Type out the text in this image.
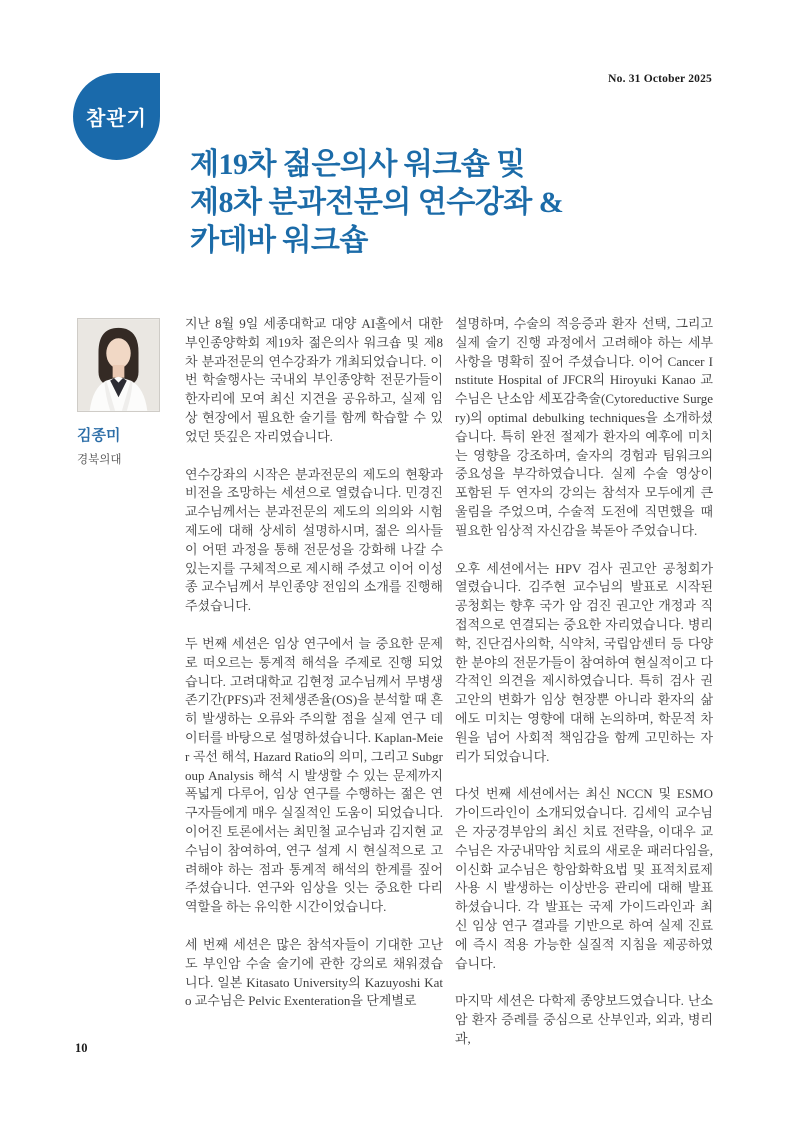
No. 31 October 2025
참관기
제19차 젊은의사 워크숍 및
제8차 분과전문의 연수강좌 &
카데바 워크숍
김종미
경북의대

지난 8월 9일 세종대학교 대양 AI홀에서 대한 부인종양학회 제19차 젊은의사 워크숍 및 제8차 분과전문의 연수강좌가 개최되었습니다. 이번 학술행사는 국내외 부인종양학 전문가들이 한자리에 모여 최신 지견을 공유하고, 실제 임상 현장에서 필요한 술기를 함께 학습할 수 있었던 뜻깊은 자리였습니다.

연수강좌의 시작은 분과전문의 제도의 현황과 비전을 조망하는 세션으로 열렸습니다. 민경진 교수님께서는 분과전문의 제도의 의의와 시험 제도에 대해 상세히 설명하시며, 젊은 의사들이 어떤 과정을 통해 전문성을 강화해 나갈 수 있는지를 구체적으로 제시해 주셨고 이어 이성종 교수님께서 부인종양 전임의 소개를 진행해 주셨습니다.

두 번째 세션은 임상 연구에서 늘 중요한 문제로 떠오르는 통계적 해석을 주제로 진행 되었 습니다. 고려대학교 김현정 교수님께서 무병생존기간(PFS)과 전체생존율(OS)을 분석할 때 흔히 발생하는 오류와 주의할 점을 실제 연구 데이터를 바탕으로 설명하셨습니다. Kaplan-Meier 곡선 해석, Hazard Ratio의 의미, 그리고 Subgroup Analysis 해석 시 발생할 수 있는 문제까지 폭넓게 다루어, 임상 연구를 수행하는 젊은 연구자들에게 매우 실질적인 도움이 되었습니다. 이어진 토론에서는 최민철 교수님과 김지현 교수님이 참여하여, 연구 설계 시 현실적으로 고려해야 하는 점과 통계적 해석의 한계를 짚어 주셨습니다. 연구와 임상을 잇는 중요한 다리 역할을 하는 유익한 시간이었습니다.

세 번째 세션은 많은 참석자들이 기대한 고난도 부인암 수술 술기에 관한 강의로 채워졌습니다. 일본 Kitasato University의 Kazuyoshi Kato 교수님은 Pelvic Exenteration을 단계별로

설명하며, 수술의 적응증과 환자 선택, 그리고 실제 술기 진행 과정에서 고려해야 하는 세부 사항을 명확히 짚어 주셨습니다. 이어 Cancer Institute Hospital of JFCR의 Hiroyuki Kanao 교수님은 난소암 세포감축술(Cytoreductive Surgery)의 optimal debulking techniques을 소개하셨습니다. 특히 완전 절제가 환자의 예후에 미치는 영향을 강조하며, 술자의 경험과 팀워크의 중요성을 부각하였습니다. 실제 수술 영상이 포함된 두 연자의 강의는 참석자 모두에게 큰 울림을 주었으며, 수술적 도전에 직면했을 때 필요한 임상적 자신감을 북돋아 주었습니다.

오후 세션에서는 HPV 검사 권고안 공청회가 열렸습니다. 김주현 교수님의 발표로 시작된 공청회는 향후 국가 암 검진 권고안 개정과 직접적으로 연결되는 중요한 자리였습니다. 병리학, 진단검사의학, 식약처, 국립암센터 등 다양한 분야의 전문가들이 참여하여 현실적이고 다각적인 의견을 제시하였습니다. 특히 검사 권고안의 변화가 임상 현장뿐 아니라 환자의 삶에도 미치는 영향에 대해 논의하며, 학문적 차원을 넘어 사회적 책임감을 함께 고민하는 자리가 되었습니다.

다섯 번째 세션에서는 최신 NCCN 및 ESMO 가이드라인이 소개되었습니다. 김세익 교수님은 자궁경부암의 최신 치료 전략을, 이대우 교수님은 자궁내막암 치료의 새로운 패러다임을, 이신화 교수님은 항암화학요법 및 표적치료제 사용 시 발생하는 이상반응 관리에 대해 발표하셨습니다. 각 발표는 국제 가이드라인과 최신 임상 연구 결과를 기반으로 하여 실제 진료에 즉시 적용 가능한 실질적 지침을 제공하였습니다.

마지막 세션은 다학제 종양보드였습니다. 난소암 환자 증례를 중심으로 산부인과, 외과, 병리과,

10
